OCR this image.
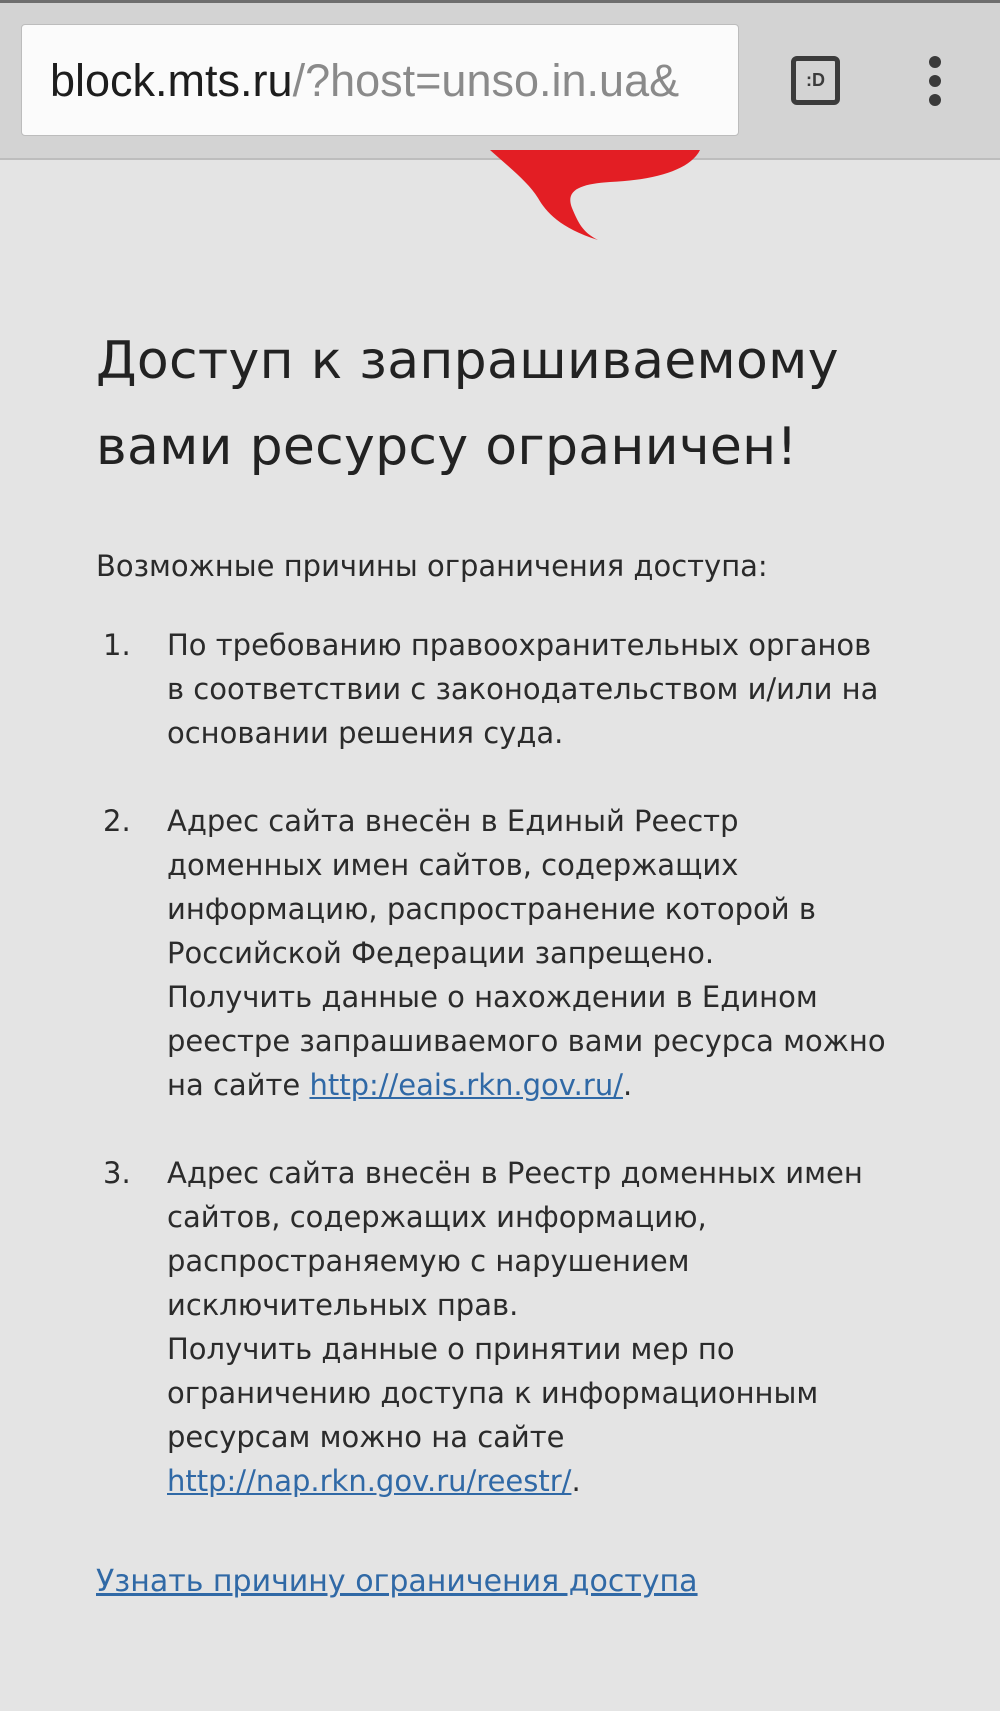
block.mts.ru/?host=unso.in.ua&	:D
Доступ к запрашиваемому
вами ресурсу ограничен!

Возможные причины ограничения доступа:

1. По требованию правоохранительных органов
в соответствии с законодательством и/или на
основании решения суда.
2. Адрес сайта внесён в Единый Реестр
доменных имен сайтов, содержащих
информацию, распространение которой в
Российской Федерации запрещено.
Получить данные о нахождении в Едином
реестре запрашиваемого вами ресурса можно
на сайте http://eais.rkn.gov.ru/.
3. Адрес сайта внесён в Реестр доменных имен
сайтов, содержащих информацию,
распространяемую с нарушением
исключительных прав.
Получить данные о принятии мер по
ограничению доступа к информационным
ресурсам можно на сайте
http://nap.rkn.gov.ru/reestr/.
Узнать причину ограничения доступа
